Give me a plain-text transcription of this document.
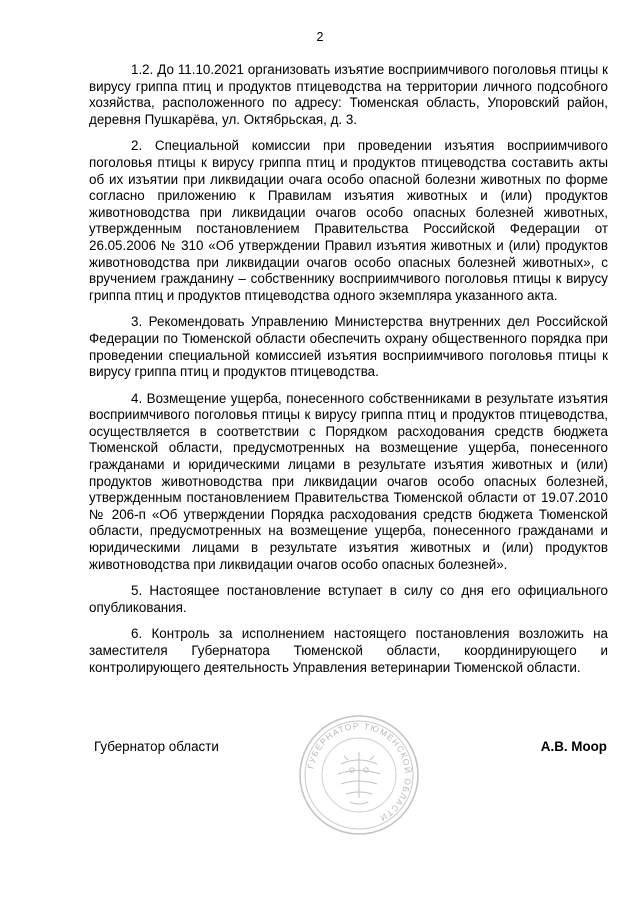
2

1.2. До 11.10.2021 организовать изъятие восприимчивого поголовья птицы к вирусу гриппа птиц и продуктов птицеводства на территории личного подсобного хозяйства, расположенного по адресу: Тюменская область, Упоровский район, деревня Пушкарёва, ул. Октябрьская, д. 3.

2. Специальной комиссии при проведении изъятия восприимчивого поголовья птицы к вирусу гриппа птиц и продуктов птицеводства составить акты об их изъятии при ликвидации очага особо опасной болезни животных по форме согласно приложению к Правилам изъятия животных и (или) продуктов животноводства при ликвидации очагов особо опасных болезней животных, утвержденным постановлением Правительства Российской Федерации от 26.05.2006 № 310 «Об утверждении Правил изъятия животных и (или) продуктов животноводства при ликвидации очагов особо опасных болезней животных», с вручением гражданину – собственнику восприимчивого поголовья птицы к вирусу гриппа птиц и продуктов птицеводства одного экземпляра указанного акта.

3. Рекомендовать Управлению Министерства внутренних дел Российской Федерации по Тюменской области обеспечить охрану общественного порядка при проведении специальной комиссией изъятия восприимчивого поголовья птицы к вирусу гриппа птиц и продуктов птицеводства.

4. Возмещение ущерба, понесенного собственниками в результате изъятия восприимчивого поголовья птицы к вирусу гриппа птиц и продуктов птицеводства, осуществляется в соответствии с Порядком расходования средств бюджета Тюменской области, предусмотренных на возмещение ущерба, понесенного гражданами и юридическими лицами в результате изъятия животных и (или) продуктов животноводства при ликвидации очагов особо опасных болезней, утвержденным постановлением Правительства Тюменской области от 19.07.2010 № 206-п «Об утверждении Порядка расходования средств бюджета Тюменской области, предусмотренных на возмещение ущерба, понесенного гражданами и юридическими лицами в результате изъятия животных и (или) продуктов животноводства при ликвидации очагов особо опасных болезней».

5. Настоящее постановление вступает в силу со дня его официального опубликования.

6. Контроль за исполнением настоящего постановления возложить на заместителя Губернатора Тюменской области, координирующего и контролирующего деятельность Управления ветеринарии Тюменской области.

Губернатор области	А.В. Моор
ГУБЕРНАТОР ТЮМЕНСКОЙ ОБЛАСТИ
